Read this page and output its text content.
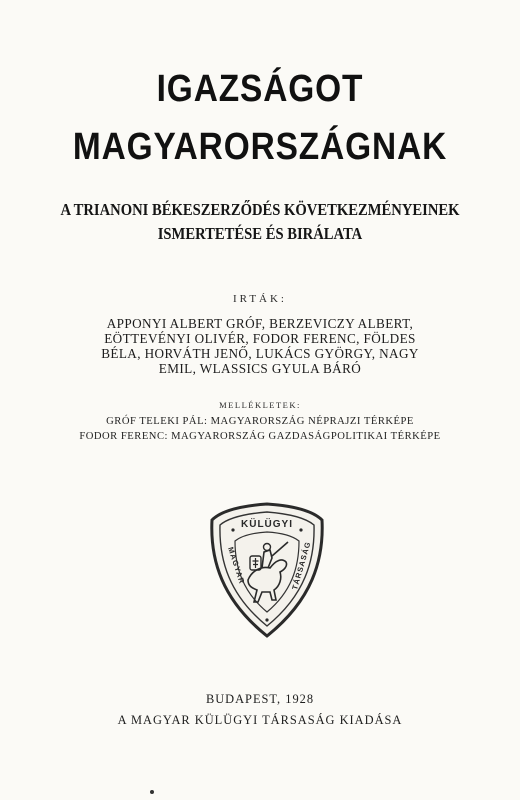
IGAZSÁGOT
MAGYARORSZÁGNAK
A TRIANONI BÉKESZERZŐDÉS KÖVETKEZMÉNYEINEK
ISMERTETÉSE ÉS BIRÁLATA
IRTÁK:
APPONYI ALBERT GRÓF, BERZEVICZY ALBERT,
EÖTTEVÉNYI OLIVÉR, FODOR FERENC, FÖLDES
BÉLA, HORVÁTH JENŐ, LUKÁCS GYÖRGY, NAGY
EMIL, WLASSICS GYULA BÁRÓ
MELLÉKLETEK:
GRÓF TELEKI PÁL: MAGYARORSZÁG NÉPRAJZI TÉRKÉPE
FODOR FERENC: MAGYARORSZÁG GAZDASÁGPOLITIKAI TÉRKÉPE
KÜLÜGYI
MAGYAR	TÁRSASÁG
BUDAPEST, 1928
A MAGYAR KÜLÜGYI TÁRSASÁG KIADÁSA
